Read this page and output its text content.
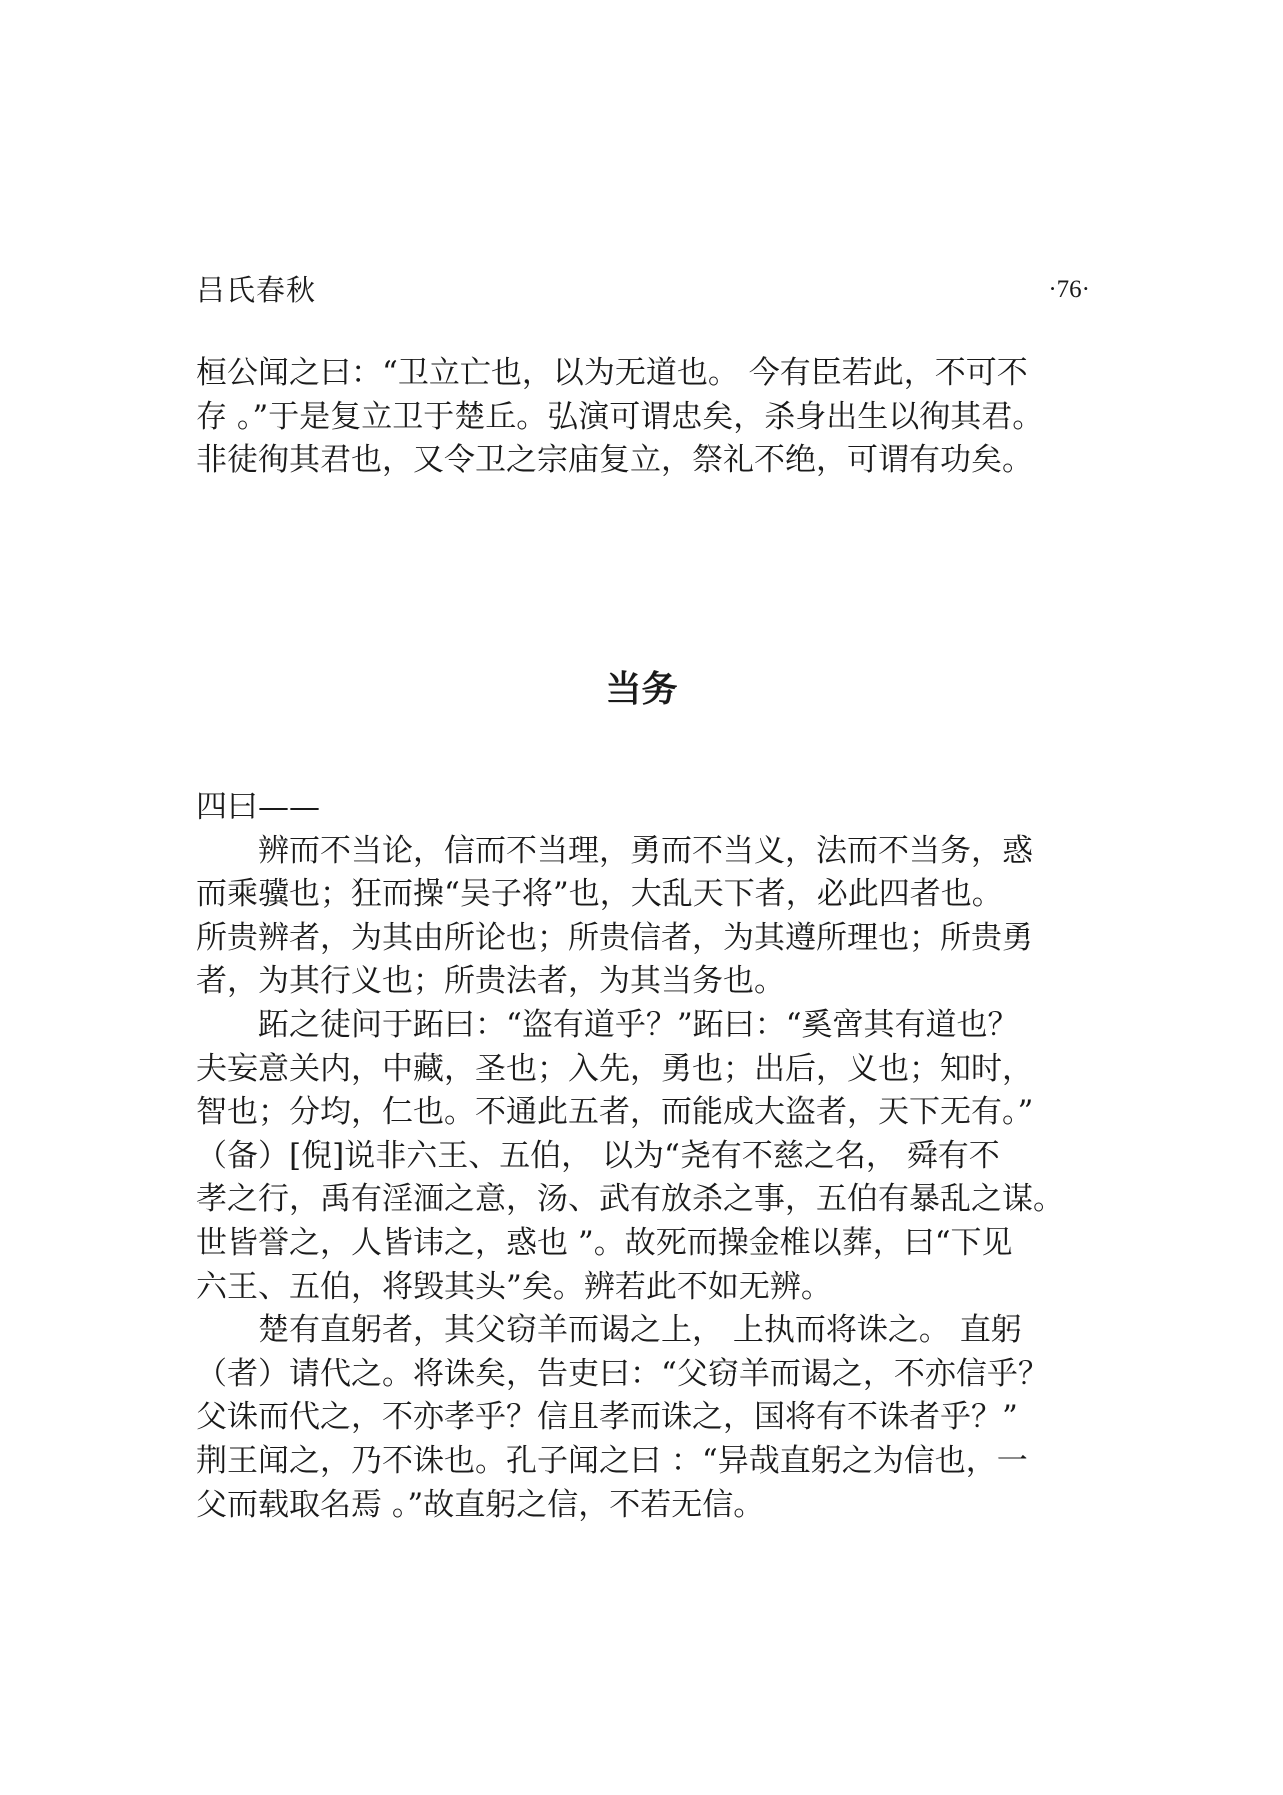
吕氏春秋	·76·
桓公闻之曰：“卫立亡也，以为无道也。 今有臣若此，不可不
存 。”于是复立卫于楚丘。弘演可谓忠矣，杀身出生以徇其君。
非徒徇其君也，又令卫之宗庙复立，祭礼不绝，可谓有功矣。
当务
四曰——

辨而不当论，信而不当理，勇而不当义，法而不当务，惑
而乘骥也；狂而操“吴子将”也，大乱天下者，必此四者也。
所贵辨者，为其由所论也；所贵信者，为其遵所理也；所贵勇
者，为其行义也；所贵法者，为其当务也。

跖之徒问于跖曰：“盗有道乎？”跖曰：“奚啻其有道也？
夫妄意关内，中藏，圣也；入先，勇也；出后，义也；知时，
智也；分均，仁也。不通此五者，而能成大盗者，天下无有。”
（备）[倪]说非六王、五伯， 以为“尧有不慈之名， 舜有不
孝之行，禹有淫湎之意，汤、武有放杀之事，五伯有暴乱之谋。
世皆誉之，人皆讳之，惑也 ”。故死而操金椎以葬，曰“下见
六王、五伯，将毁其头”矣。辨若此不如无辨。

楚有直躬者，其父窃羊而谒之上， 上执而将诛之。 直躬
（者）请代之。将诛矣，告吏曰：“父窃羊而谒之，不亦信乎？
父诛而代之，不亦孝乎？信且孝而诛之，国将有不诛者乎？”
荆王闻之，乃不诛也。孔子闻之曰 ：“异哉直躬之为信也，一
父而载取名焉 。”故直躬之信，不若无信。
